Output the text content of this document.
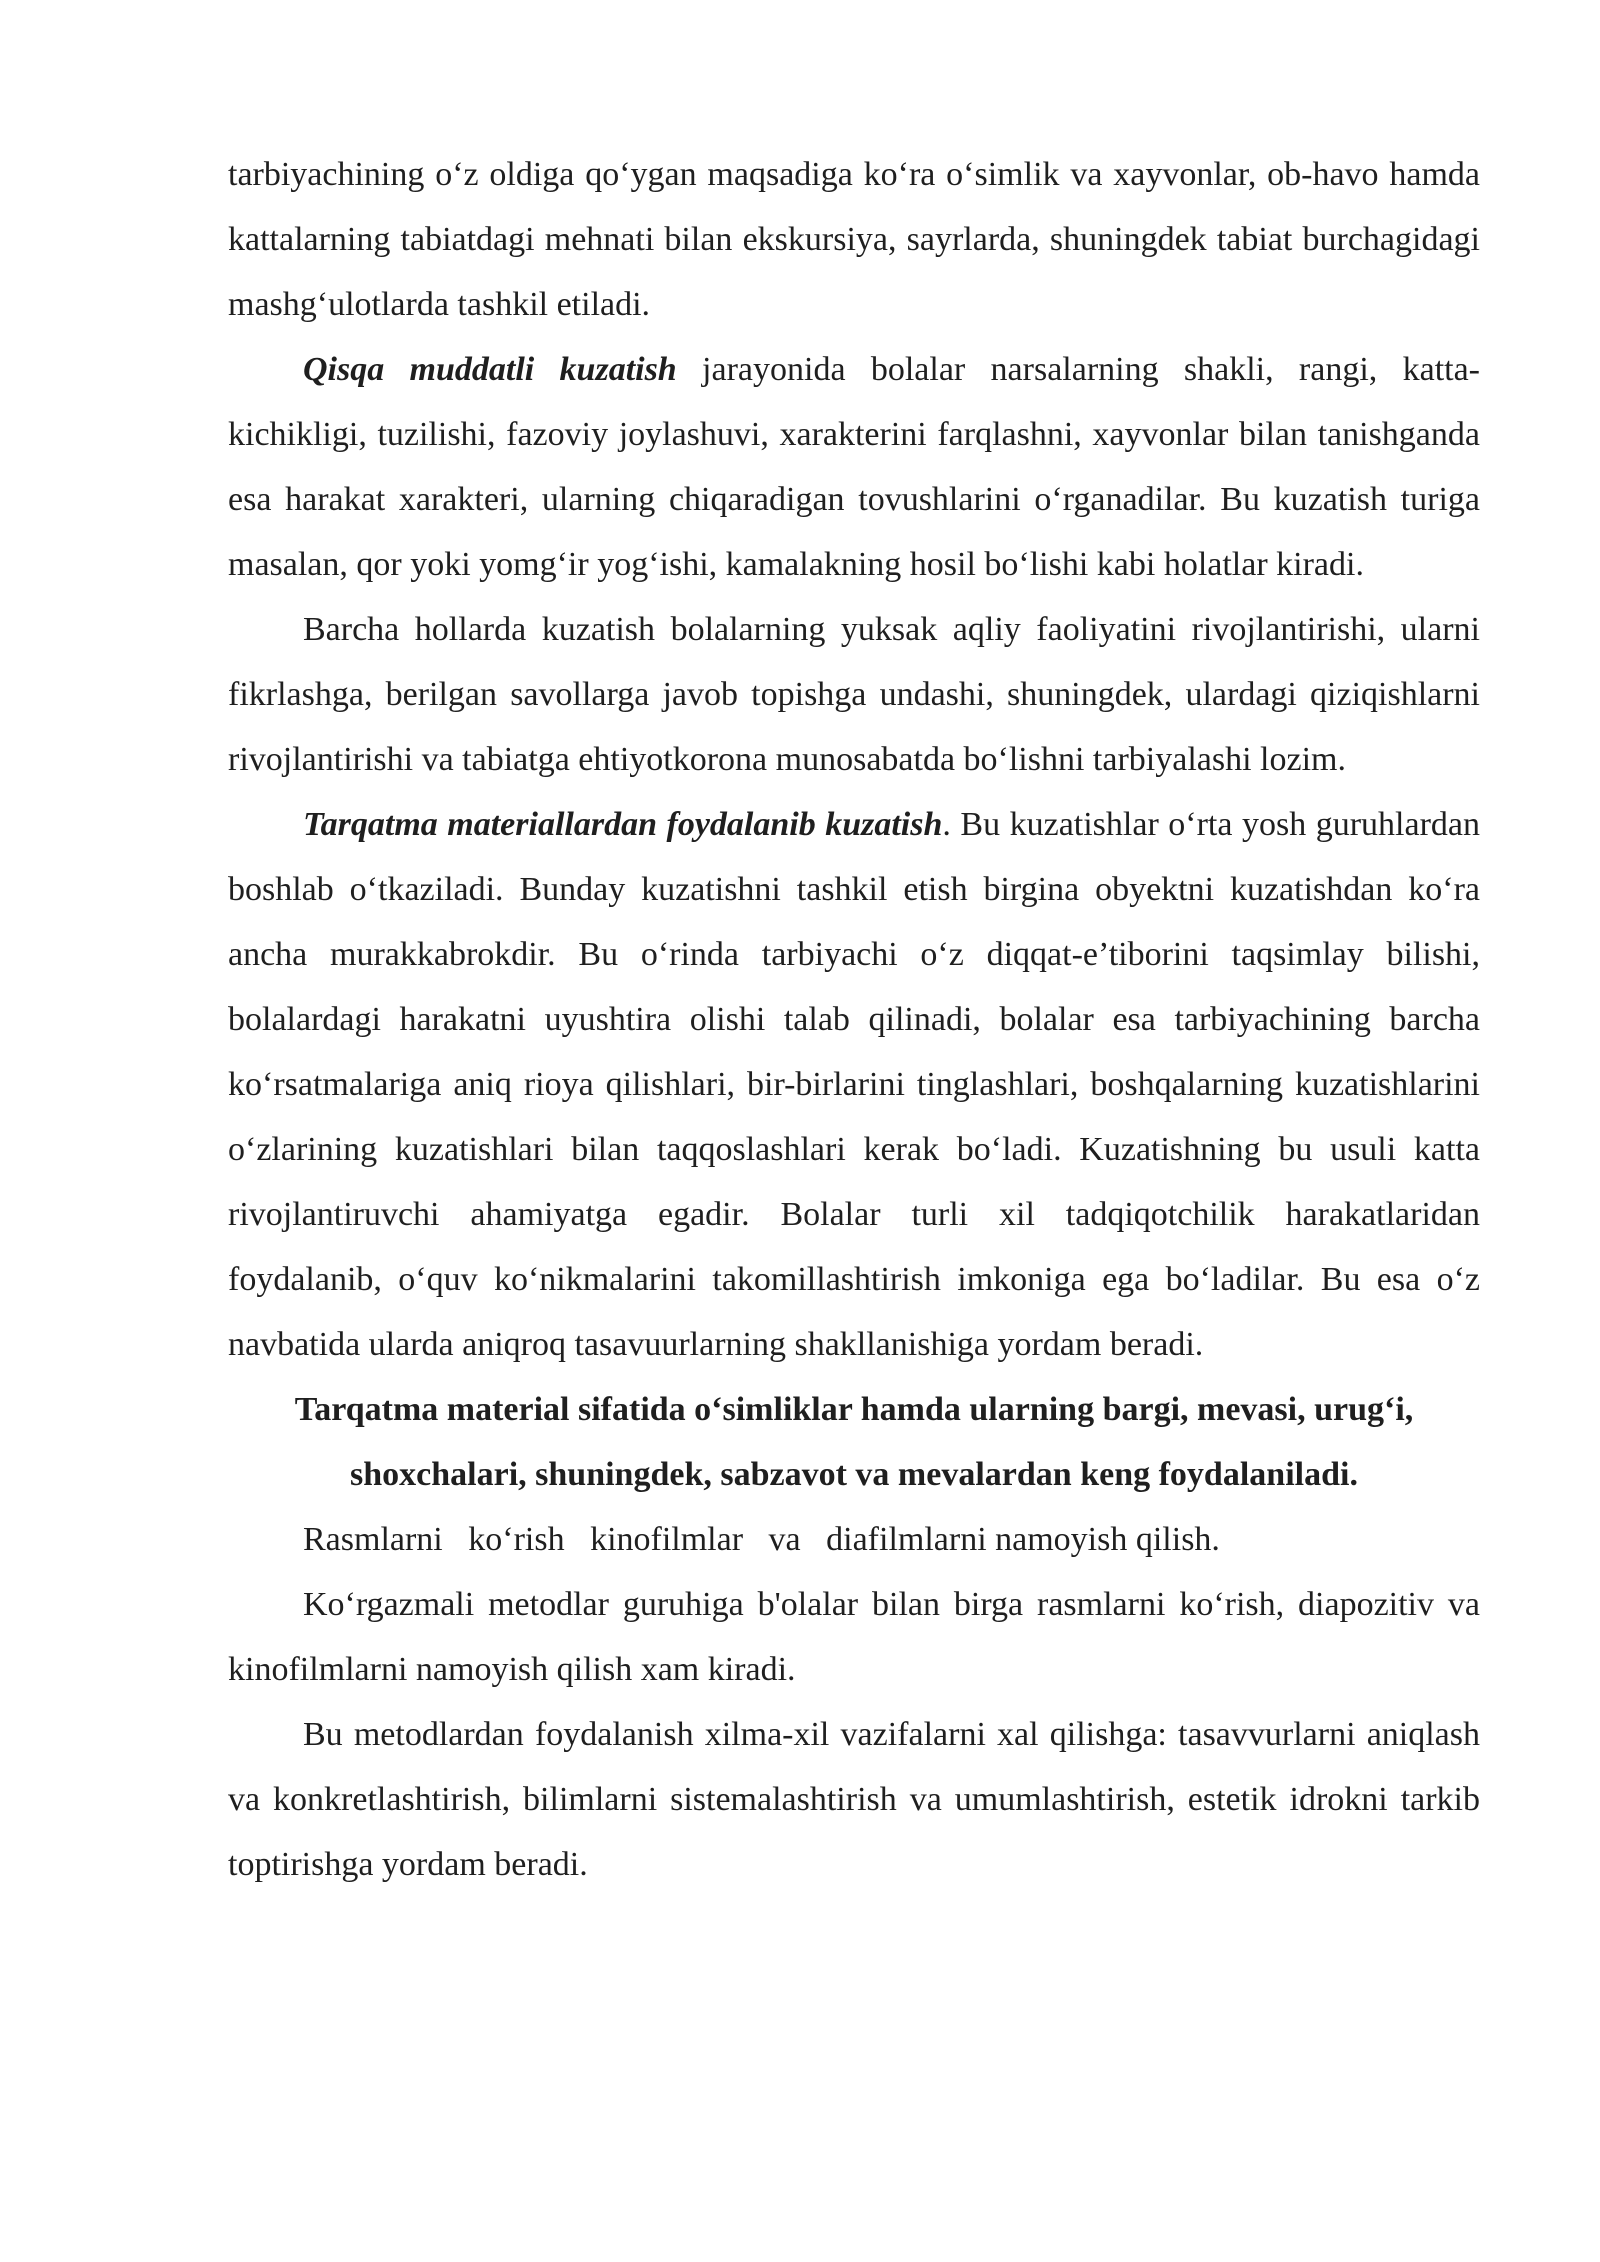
tarbiyachining o‘z oldiga qo‘ygan maqsadiga ko‘ra o‘simlik va xayvonlar, ob-havo hamda kattalarning tabiatdagi mehnati bilan ekskursiya, sayrlarda, shuningdek tabiat burchagidagi mashg‘ulotlarda tashkil etiladi.

Qisqa muddatli kuzatish jarayonida bolalar narsalarning shakli, rangi, katta-kichikligi, tuzilishi, fazoviy joylashuvi, xarakterini farqlashni, xayvonlar bilan tanishganda esa harakat xarakteri, ularning chiqaradigan tovushlarini o‘rganadilar. Bu kuzatish turiga masalan, qor yoki yomg‘ir yog‘ishi, kamalakning hosil bo‘lishi kabi holatlar kiradi.

Barcha hollarda kuzatish bolalarning yuksak aqliy faoliyatini rivojlantirishi, ularni fikrlashga, berilgan savollarga javob topishga undashi, shuningdek, ulardagi qiziqishlarni rivojlantirishi va tabiatga ehtiyotkorona munosabatda bo‘lishni tarbiyalashi lozim.

Tarqatma materiallardan foydalanib kuzatish. Bu kuzatishlar o‘rta yosh guruhlardan boshlab o‘tkaziladi. Bunday kuzatishni tashkil etish birgina obyektni kuzatishdan ko‘ra ancha murakkabrokdir. Bu o‘rinda tarbiyachi o‘z diqqat-e’tiborini taqsimlay bilishi, bolalardagi harakatni uyushtira olishi talab qilinadi, bolalar esa tarbiyachining barcha ko‘rsatmalariga aniq rioya qilishlari, bir-birlarini tinglashlari, boshqalarning kuzatishlarini o‘zlarining kuzatishlari bilan taqqoslashlari kerak bo‘ladi. Kuzatishning bu usuli katta rivojlantiruvchi ahamiyatga egadir. Bolalar turli xil tadqiqotchilik harakatlaridan foydalanib, o‘quv ko‘nikmalarini takomillashtirish imkoniga ega bo‘ladilar. Bu esa o‘z navbatida ularda aniqroq tasavuurlarning shakllanishiga yordam beradi.

Tarqatma material sifatida o‘simliklar hamda ularning bargi, mevasi, urug‘i, shoxchalari, shuningdek, sabzavot va mevalardan keng foydalaniladi.

Rasmlarni   ko‘rish   kinofilmlar   va   diafilmlarni namoyish qilish.

Ko‘rgazmali metodlar guruhiga b'olalar bilan birga rasmlarni ko‘rish, diapozitiv va kinofilmlarni namoyish qilish xam kiradi.

Bu metodlardan foydalanish xilma-xil vazifalarni xal qilishga: tasavvurlarni aniqlash va konkretlashtirish, bilimlarni sistemalashtirish va umumlashtirish, estetik idrokni tarkib toptirishga yordam beradi.
